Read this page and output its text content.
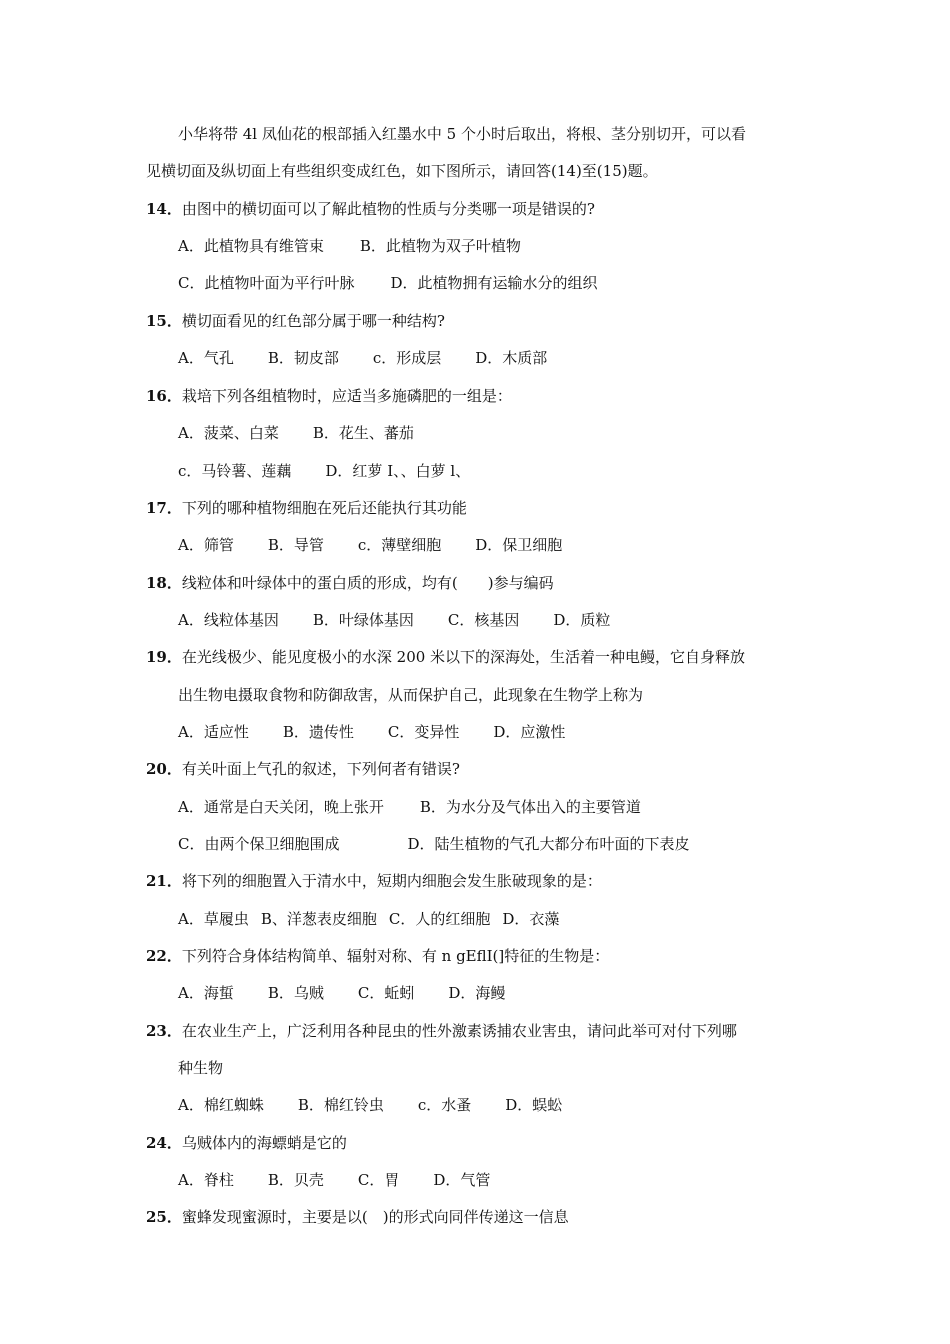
小华将带 4l 凤仙花的根部插入红墨水中 5 个小时后取出，将根、茎分别切开，可以看
见横切面及纵切面上有些组织变成红色，如下图所示，请回答(14)至(15)题。
14．由图中的横切面可以了解此植物的性质与分类哪一项是错误的?
A．此植物具有维管束 B．此植物为双子叶植物
C．此植物叶面为平行叶脉 D．此植物拥有运输水分的组织
15．横切面看见的红色部分属于哪一种结构?
A．气孔 B．韧皮部 c．形成层 D．木质部
16．栽培下列各组植物时，应适当多施磷肥的一组是：
A．菠菜、白菜 B．花生、蕃茄
c．马铃薯、莲藕 D．红萝 I、、白萝 l、
17．下列的哪种植物细胞在死后还能执行其功能
A．筛管 B．导管 c．薄壁细胞 D．保卫细胞
18．线粒体和叶绿体中的蛋白质的形成，均有(　　)参与编码
A．线粒体基因 B．叶绿体基因 C．核基因 D．质粒
19．在光线极少、能见度极小的水深 200 米以下的深海处，生活着一种电鳗，它自身释放
出生物电摄取食物和防御敌害，从而保护自己，此现象在生物学上称为
A．适应性 B．遗传性 C．变异性 D．应激性
20．有关叶面上气孔的叙述，下列何者有错误?
A．通常是白天关闭，晚上张开 B．为水分及气体出入的主要管道
C．由两个保卫细胞围成	D．陆生植物的气孔大都分布叶面的下表皮
21．将下列的细胞置入于清水中，短期内细胞会发生胀破现象的是：
A．草履虫 B、洋葱表皮细胞 C．人的红细胞 D．衣藻
22．下列符合身体结构简单、辐射对称、有 n gEflI(]特征的生物是：
A．海蜇 B．乌贼 C．蚯蚓 D．海鳗
23．在农业生产上，广泛利用各种昆虫的性外激素诱捕农业害虫，请问此举可对付下列哪
种生物
A．棉红蜘蛛 B．棉红铃虫 c．水蚤 D．蜈蚣
24．乌贼体内的海螵蛸是它的
A．脊柱 B．贝壳 C．胃 D．气管
25．蜜蜂发现蜜源时，主要是以(　)的形式向同伴传递这一信息
